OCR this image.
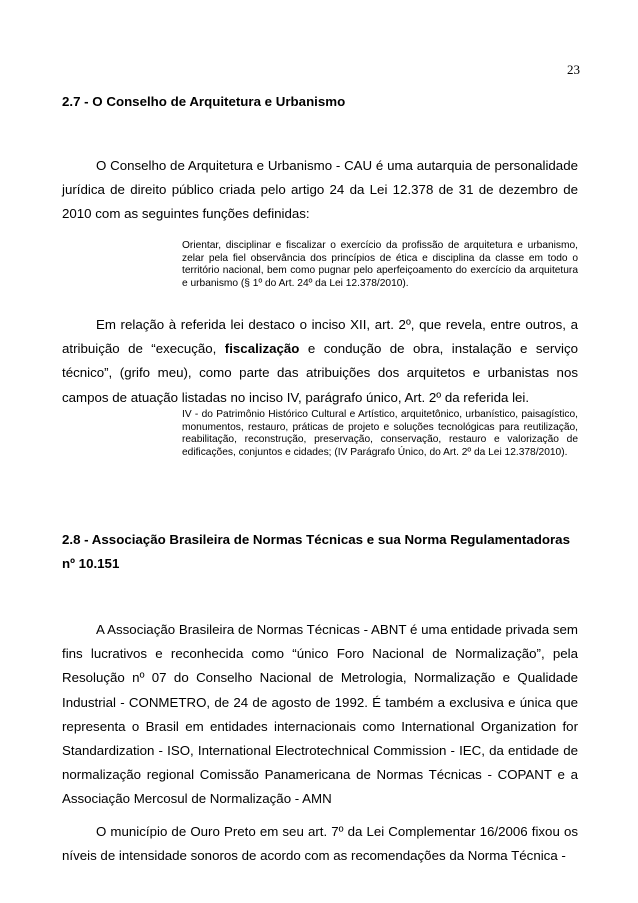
23
2.7 - O Conselho de Arquitetura e Urbanismo

O Conselho de Arquitetura e Urbanismo - CAU é uma autarquia de personalidade jurídica de direito público criada pelo artigo 24 da Lei 12.378 de 31 de dezembro de 2010 com as seguintes funções definidas:

Orientar, disciplinar e fiscalizar o exercício da profissão de arquitetura e urbanismo, zelar pela fiel observância dos princípios de ética e disciplina da classe em todo o território nacional, bem como pugnar pelo aperfeiçoamento do exercício da arquitetura e urbanismo (§ 1º do Art. 24º da Lei 12.378/2010).

Em relação à referida lei destaco o inciso XII, art. 2º, que revela, entre outros, a atribuição de “execução, fiscalização e condução de obra, instalação e serviço técnico”, (grifo meu), como parte das atribuições dos arquitetos e urbanistas nos campos de atuação listadas no inciso IV, parágrafo único, Art. 2º da referida lei.

IV - do Patrimônio Histórico Cultural e Artístico, arquitetônico, urbanístico, paisagístico, monumentos, restauro, práticas de projeto e soluções tecnológicas para reutilização, reabilitação, reconstrução, preservação, conservação, restauro e valorização de edificações, conjuntos e cidades; (IV Parágrafo Único, do Art. 2º da Lei 12.378/2010).

2.8 - Associação Brasileira de Normas Técnicas e sua Norma Regulamentadoras nº 10.151

A Associação Brasileira de Normas Técnicas - ABNT é uma entidade privada sem fins lucrativos e reconhecida como “único Foro Nacional de Normalização”, pela Resolução nº 07 do Conselho Nacional de Metrologia, Normalização e Qualidade Industrial - CONMETRO, de 24 de agosto de 1992. É também a exclusiva e única que representa o Brasil em entidades internacionais como International Organization for Standardization - ISO, International Electrotechnical Commission - IEC, da entidade de normalização regional Comissão Panamericana de Normas Técnicas - COPANT e a Associação Mercosul de Normalização - AMN

O município de Ouro Preto em seu art. 7º da Lei Complementar 16/2006 fixou os níveis de intensidade sonoros de acordo com as recomendações da Norma Técnica -
